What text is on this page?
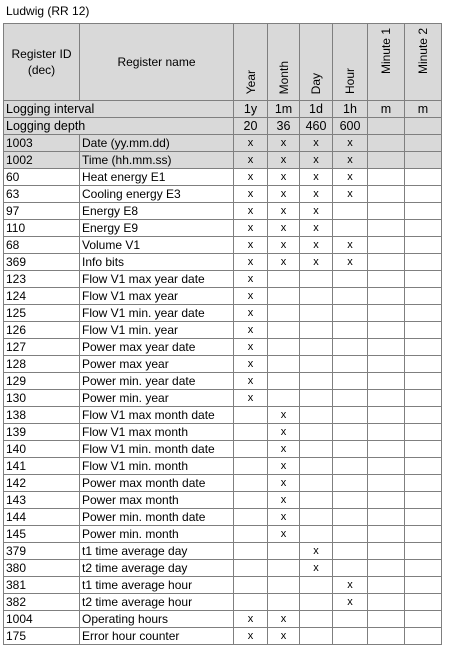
Ludwig (RR 12)
Register ID (dec)	Register name	Year	Month	Day	Hour	Minute 1	Minute 2
Logging interval		1y	1m	1d	1h	m	m
Logging depth		20	36	460	600		
1003	Date (yy.mm.dd)	x	x	x	x		
1002	Time (hh.mm.ss)	x	x	x	x		
60	Heat energy E1	x	x	x	x		
63	Cooling energy E3	x	x	x	x		
97	Energy E8	x	x	x			
110	Energy E9	x	x	x			
68	Volume V1	x	x	x	x		
369	Info bits	x	x	x	x		
123	Flow V1 max year date	x					
124	Flow V1 max year	x					
125	Flow V1 min. year date	x					
126	Flow V1 min. year	x					
127	Power max year date	x					
128	Power max year	x					
129	Power min. year date	x					
130	Power min. year	x					
138	Flow V1 max month date		x				
139	Flow V1 max month		x				
140	Flow V1 min. month date		x				
141	Flow V1 min. month		x				
142	Power max month date		x				
143	Power max month		x				
144	Power min. month date		x				
145	Power min. month		x				
379	t1 time average day			x			
380	t2 time average day			x			
381	t1 time average hour				x		
382	t2 time average hour				x		
1004	Operating hours	x	x				
175	Error hour counter	x	x				
